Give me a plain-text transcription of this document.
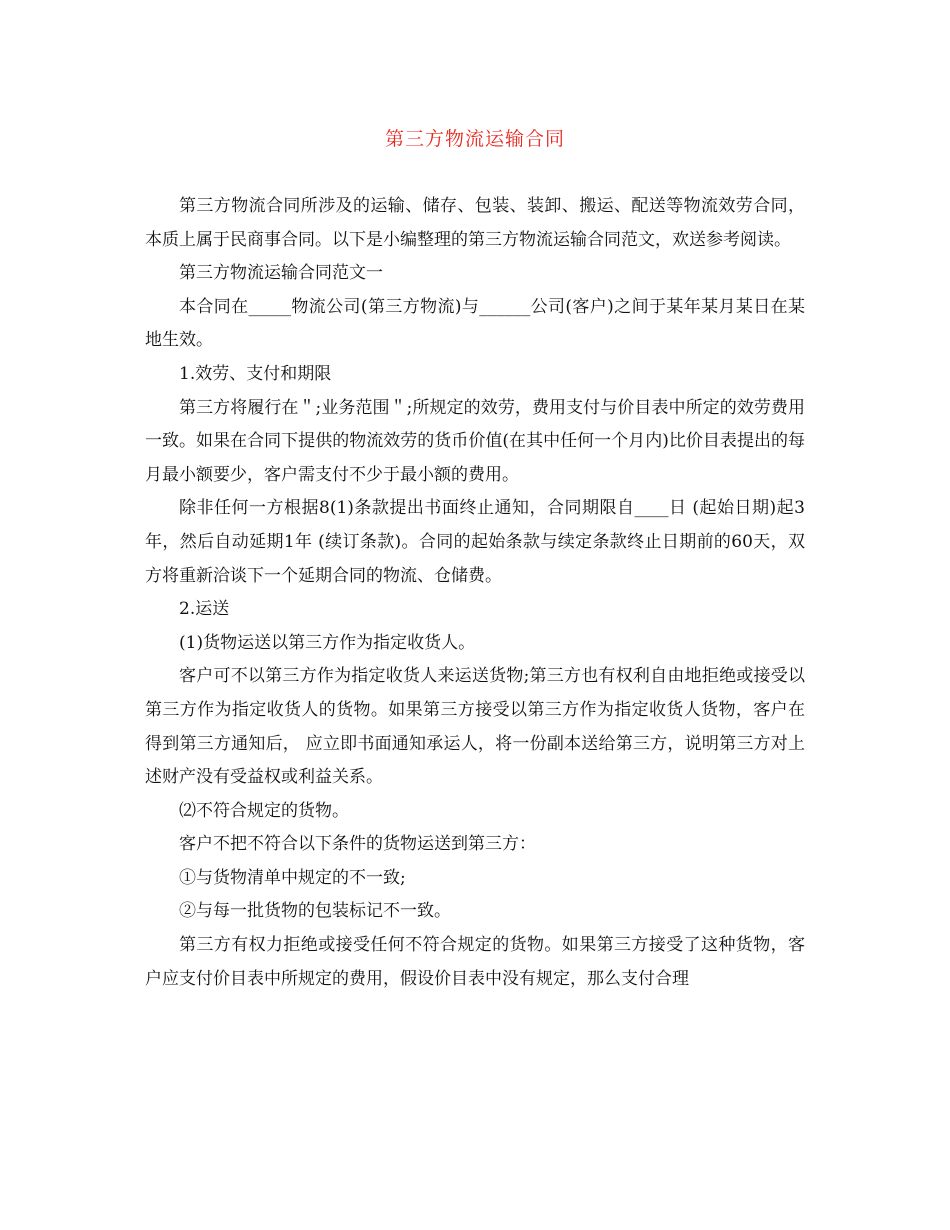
第三方物流运输合同

第三方物流合同所涉及的运输、储存、包装、装卸、搬运、配送等物流效劳合同，本质上属于民商事合同。以下是小编整理的第三方物流运输合同范文，欢送参考阅读。

第三方物流运输合同范文一

本合同在_____物流公司(第三方物流)与______公司(客户)之间于某年某月某日在某地生效。

1.效劳、支付和期限

第三方将履行在＂;业务范围＂;所规定的效劳，费用支付与价目表中所定的效劳费用一致。如果在合同下提供的物流效劳的货币价值(在其中任何一个月内)比价目表提出的每月最小额要少，客户需支付不少于最小额的费用。

除非任何一方根据8(1)条款提出书面终止通知，合同期限自____日 (起始日期)起3年，然后自动延期1年 (续订条款)。合同的起始条款与续定条款终止日期前的60天，双方将重新洽谈下一个延期合同的物流、仓储费。

2.运送

(1)货物运送以第三方作为指定收货人。

客户可不以第三方作为指定收货人来运送货物;第三方也有权利自由地拒绝或接受以第三方作为指定收货人的货物。如果第三方接受以第三方作为指定收货人货物，客户在得到第三方通知后， 应立即书面通知承运人，将一份副本送给第三方，说明第三方对上述财产没有受益权或利益关系。

⑵不符合规定的货物。

客户不把不符合以下条件的货物运送到第三方：

①与货物清单中规定的不一致;

②与每一批货物的包装标记不一致。

第三方有权力拒绝或接受任何不符合规定的货物。如果第三方接受了这种货物，客户应支付价目表中所规定的费用，假设价目表中没有规定，那么支付合理
